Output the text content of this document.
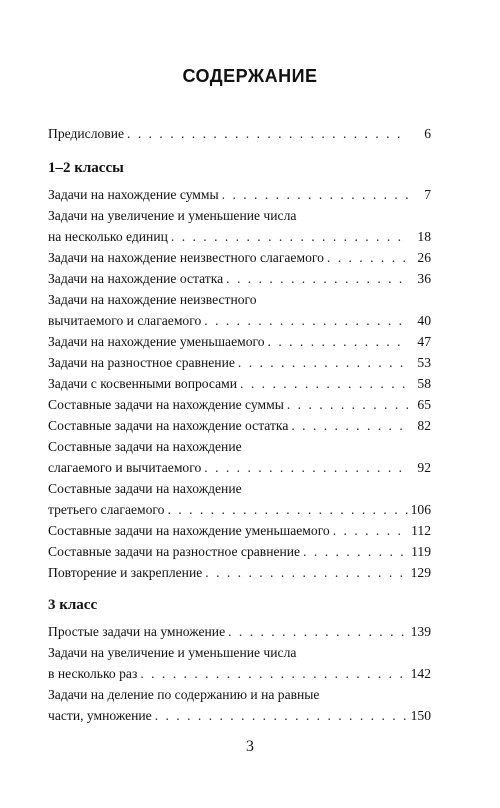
СОДЕРЖАНИЕ
Предисловие . . .	6
1–2 классы
Задачи на нахождение суммы . . .	7
Задачи на увеличение и уменьшение числа
на несколько единиц . . .	18
Задачи на нахождение неизвестного слагаемого . . .	26
Задачи на нахождение остатка . . .	36
Задачи на нахождение неизвестного
вычитаемого и слагаемого . . .	40
Задачи на нахождение уменьшаемого . . .	47
Задачи на разностное сравнение . . .	53
Задачи с косвенными вопросами . . .	58
Составные задачи на нахождение суммы . . .	65
Составные задачи на нахождение остатка . . .	82
Составные задачи на нахождение
слагаемого и вычитаемого . . .	92
Составные задачи на нахождение
третьего слагаемого . . .	106
Составные задачи на нахождение уменьшаемого . . .	112
Составные задачи на разностное сравнение . . .	119
Повторение и закрепление . . .	129
3 класс
Простые задачи на умножение . . .	139
Задачи на увеличение и уменьшение числа
в несколько раз . . .	142
Задачи на деление по содержанию и на равные
части, умножение . . .	150
3
